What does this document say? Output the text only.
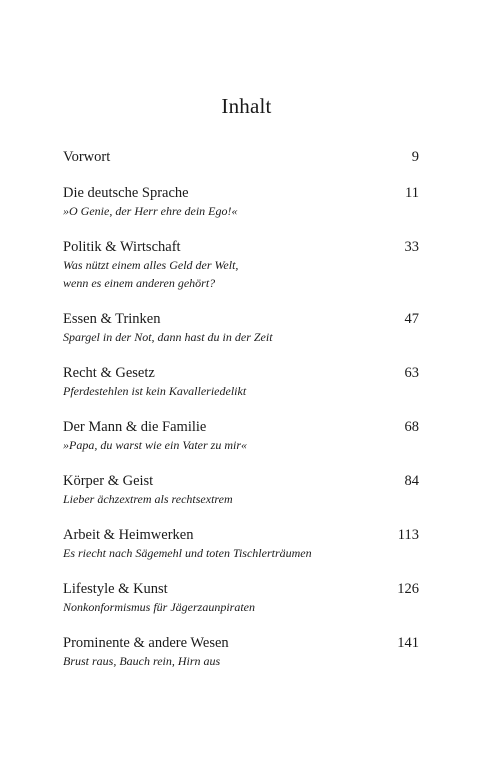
Inhalt
Vorwort	9
Die deutsche Sprache	11
»O Genie, der Herr ehre dein Ego!«
Politik & Wirtschaft	33
Was nützt einem alles Geld der Welt,
wenn es einem anderen gehört?
Essen & Trinken	47
Spargel in der Not, dann hast du in der Zeit
Recht & Gesetz	63
Pferdestehlen ist kein Kavalleriedelikt
Der Mann & die Familie	68
»Papa, du warst wie ein Vater zu mir«
Körper & Geist	84
Lieber ächzextrem als rechtsextrem
Arbeit & Heimwerken	113
Es riecht nach Sägemehl und toten Tischlerträumen
Lifestyle & Kunst	126
Nonkonformismus für Jägerzaunpiraten
Prominente & andere Wesen	141
Brust raus, Bauch rein, Hirn aus
